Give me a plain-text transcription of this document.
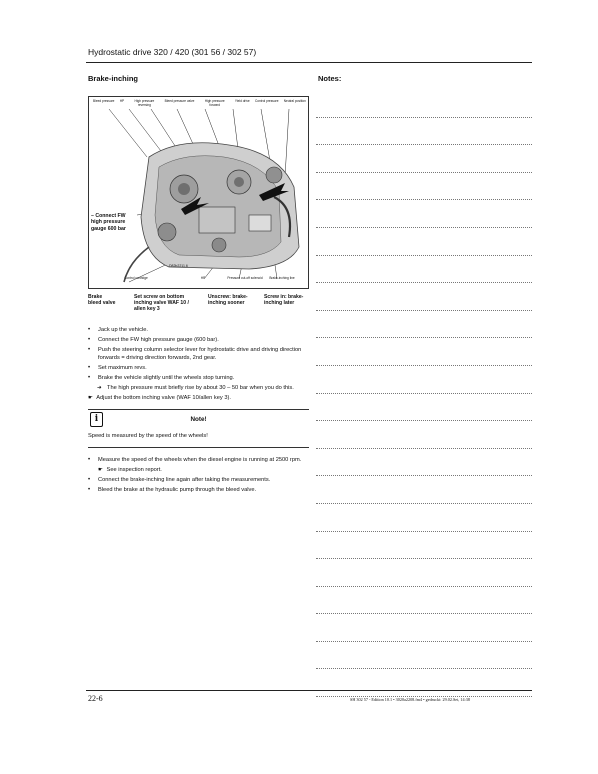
Hydrostatic drive 320 / 420 (301 56 / 302 57)
Brake-inching	Notes:
Bleed pressure HP	High pressure reversing
Bleed pressure valve	High pressure forward
Yield drive Control pressure Neutral position
– Connect FW high pressure gauge 600 bar
D82b2211.6
Control cartridge	HP	Pressure cut-off solenoid	Brake-inching line
Brake bleed valve
Set screw on bottom inching valve WAF 10 / allen key 3
Unscrew: brake-inching sooner
Screw in: brake-inching later
• Jack up the vehicle.
• Connect the FW high pressure gauge (600 bar).
• Push the steering column selector lever for hydrostatic drive and driving direction forwards = driving direction forwards, 2nd gear.
• Set maximum revs.
• Brake the vehicle slightly until the wheels stop turning.
➜ The high pressure must briefly rise by about 30 – 50 bar when you do this.
☛ Adjust the bottom inching valve (WAF 10/allen key 3).
i	Note!
Speed is measured by the speed of the wheels!
• Measure the speed of the wheels when the diesel engine is running at 2500 rpm.
☛ See inspection report.
• Connect the brake-inching line again after taking the measurements.
• Bleed the brake at the hydraulic pump through the bleed valve.
22-6	SH 302 57 - Edition 10.1 • 3020a2208.fm4 • gedruckt: 29.02.Set, 14:38
